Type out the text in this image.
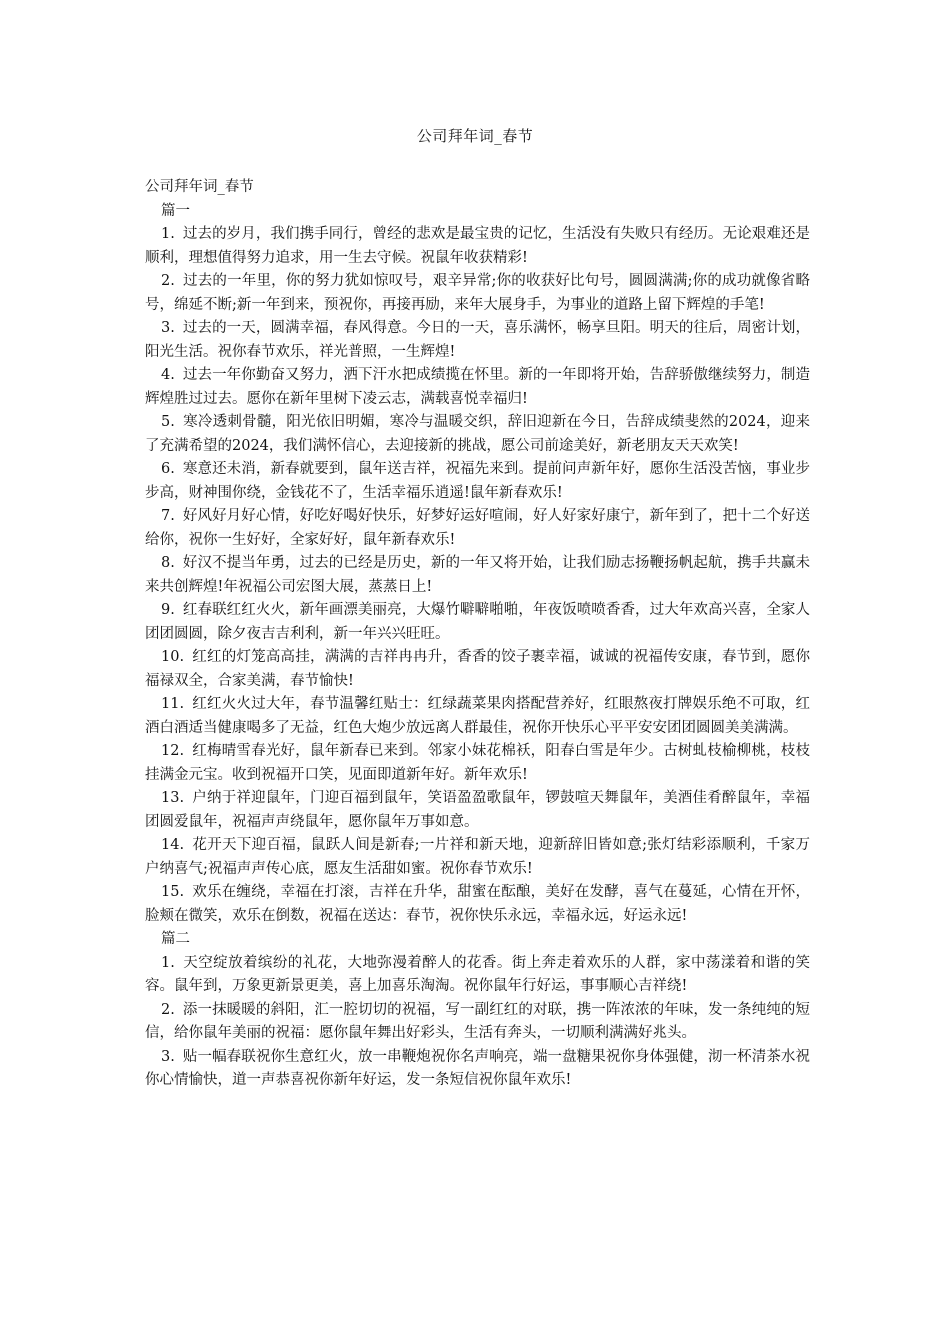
公司拜年词_春节

公司拜年词_春节

篇一

1. 过去的岁月，我们携手同行，曾经的悲欢是最宝贵的记忆，生活没有失败只有经历。无论艰难还是顺利，理想值得努力追求，用一生去守候。祝鼠年收获精彩!

2. 过去的一年里，你的努力犹如惊叹号，艰辛异常;你的收获好比句号，圆圆满满;你的成功就像省略号，绵延不断;新一年到来，预祝你，再接再励，来年大展身手，为事业的道路上留下辉煌的手笔!

3. 过去的一天，圆满幸福，春风得意。今日的一天，喜乐满怀，畅享旦阳。明天的往后，周密计划，阳光生活。祝你春节欢乐，祥光普照，一生辉煌!

4. 过去一年你勤奋又努力，洒下汗水把成绩揽在怀里。新的一年即将开始，告辞骄傲继续努力，制造辉煌胜过过去。愿你在新年里树下凌云志，满载喜悦幸福归!

5. 寒冷透刺骨髓，阳光依旧明媚，寒冷与温暖交织，辞旧迎新在今日，告辞成绩斐然的2024，迎来了充满希望的2024，我们满怀信心，去迎接新的挑战，愿公司前途美好，新老朋友天天欢笑!

6. 寒意还未消，新春就要到，鼠年送吉祥，祝福先来到。提前问声新年好，愿你生活没苦恼，事业步步高，财神围你绕，金钱花不了，生活幸福乐逍遥!鼠年新春欢乐!

7. 好风好月好心情，好吃好喝好快乐，好梦好运好喧闹，好人好家好康宁，新年到了，把十二个好送给你，祝你一生好好，全家好好，鼠年新春欢乐!

8. 好汉不提当年勇，过去的已经是历史，新的一年又将开始，让我们励志扬鞭扬帆起航，携手共赢未来共创辉煌!年祝福公司宏图大展，蒸蒸日上!

9. 红春联红红火火，新年画漂美丽亮，大爆竹噼噼啪啪，年夜饭喷喷香香，过大年欢高兴喜，全家人团团圆圆，除夕夜吉吉利利，新一年兴兴旺旺。

10. 红红的灯笼高高挂，满满的吉祥冉冉升，香香的饺子裹幸福，诚诚的祝福传安康，春节到，愿你福禄双全，合家美满，春节愉快!

11. 红红火火过大年，春节温馨红贴士：红绿蔬菜果肉搭配营养好，红眼熬夜打牌娱乐绝不可取，红酒白酒适当健康喝多了无益，红色大炮少放远离人群最佳，祝你开快乐心平平安安团团圆圆美美满满。

12. 红梅晴雪春光好，鼠年新春已来到。邻家小妹花棉袄，阳春白雪是年少。古树虬枝榆柳桃，枝枝挂满金元宝。收到祝福开口笑，见面即道新年好。新年欢乐!

13. 户纳于祥迎鼠年，门迎百福到鼠年，笑语盈盈歌鼠年，锣鼓喧天舞鼠年，美酒佳肴醉鼠年，幸福团圆爱鼠年，祝福声声绕鼠年，愿你鼠年万事如意。

14. 花开天下迎百福，鼠跃人间是新春;一片祥和新天地，迎新辞旧皆如意;张灯结彩添顺利，千家万户纳喜气;祝福声声传心底，愿友生活甜如蜜。祝你春节欢乐!

15. 欢乐在缠绕，幸福在打滚，吉祥在升华，甜蜜在酝酿，美好在发酵，喜气在蔓延，心情在开怀，脸颊在微笑，欢乐在倒数，祝福在送达：春节，祝你快乐永远，幸福永远，好运永远!

篇二

1. 天空绽放着缤纷的礼花，大地弥漫着醉人的花香。街上奔走着欢乐的人群，家中荡漾着和谐的笑容。鼠年到，万象更新景更美，喜上加喜乐淘淘。祝你鼠年行好运，事事顺心吉祥绕!

2. 添一抹暖暖的斜阳，汇一腔切切的祝福，写一副红红的对联，携一阵浓浓的年味，发一条纯纯的短信，给你鼠年美丽的祝福：愿你鼠年舞出好彩头，生活有奔头，一切顺利满满好兆头。

3. 贴一幅春联祝你生意红火，放一串鞭炮祝你名声响亮，端一盘糖果祝你身体强健，沏一杯清茶水祝你心情愉快，道一声恭喜祝你新年好运，发一条短信祝你鼠年欢乐!
